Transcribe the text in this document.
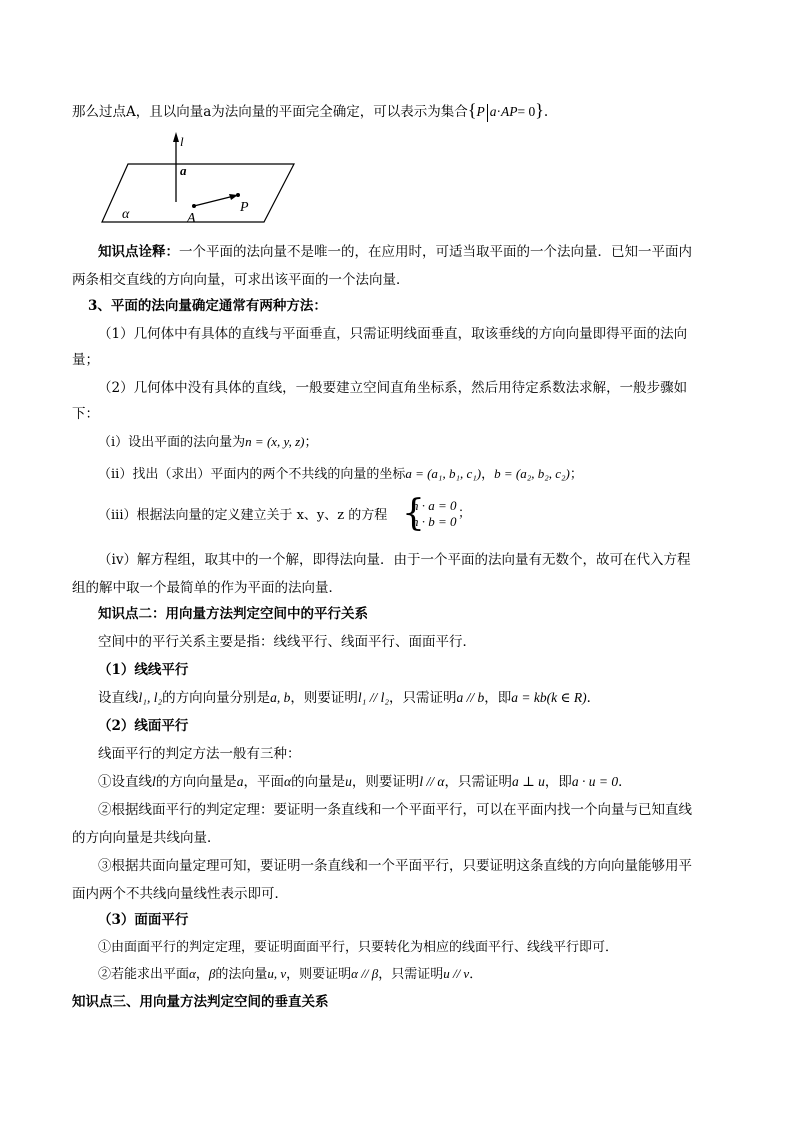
那么过点A，且以向量a为法向量的平面完全确定，可以表示为集合{P a·AP= 0}.
l
a
α	A
P
知识点诠释：一个平面的法向量不是唯一的，在应用时，可适当取平面的一个法向量．已知一平面内
两条相交直线的方向向量，可求出该平面的一个法向量．
3、平面的法向量确定通常有两种方法：
（1）几何体中有具体的直线与平面垂直，只需证明线面垂直，取该垂线的方向向量即得平面的法向
量；
（2）几何体中没有具体的直线，一般要建立空间直角坐标系，然后用待定系数法求解，一般步骤如
下：
（i）设出平面的法向量为n = (x, y, z)；
（ii）找出（求出）平面内的两个不共线的向量的坐标a = (a₁, b₁, c₁)，b = (a₂, b₂, c₂)；
（iii）根据法向量的定义建立关于 x、y、z 的方程 {
n · a = 0
n · b = 0
；
（iv）解方程组，取其中的一个解，即得法向量．由于一个平面的法向量有无数个，故可在代入方程
组的解中取一个最简单的作为平面的法向量．
知识点二：用向量方法判定空间中的平行关系
空间中的平行关系主要是指：线线平行、线面平行、面面平行．
（1）线线平行
设直线l₁, l₂的方向向量分别是a, b，则要证明l₁ // l₂，只需证明a // b，即a = kb(k ∈ R)．
（2）线面平行
线面平行的判定方法一般有三种：
①设直线l的方向向量是a，平面α的向量是u，则要证明l // α，只需证明a ⊥ u，即a · u = 0．
②根据线面平行的判定定理：要证明一条直线和一个平面平行，可以在平面内找一个向量与已知直线
的方向向量是共线向量．
③根据共面向量定理可知，要证明一条直线和一个平面平行，只要证明这条直线的方向向量能够用平
面内两个不共线向量线性表示即可．
（3）面面平行
①由面面平行的判定定理，要证明面面平行，只要转化为相应的线面平行、线线平行即可．
②若能求出平面α，β的法向量u, v，则要证明α // β，只需证明u // v．
知识点三、用向量方法判定空间的垂直关系
